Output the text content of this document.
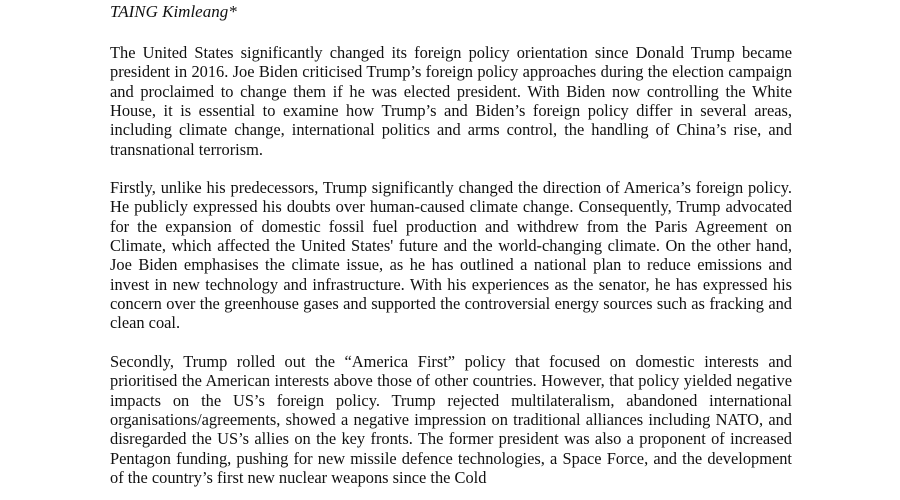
TAING Kimleang*

The United States significantly changed its foreign policy orientation since Donald Trump became president in 2016. Joe Biden criticised Trump’s foreign policy approaches during the election campaign and proclaimed to change them if he was elected president. With Biden now controlling the White House, it is essential to examine how Trump’s and Biden’s foreign policy differ in several areas, including climate change, international politics and arms control, the handling of China’s rise, and transnational terrorism.

Firstly, unlike his predecessors, Trump significantly changed the direction of America’s foreign policy. He publicly expressed his doubts over human-caused climate change. Consequently, Trump advocated for the expansion of domestic fossil fuel production and withdrew from the Paris Agreement on Climate, which affected the United States' future and the world-changing climate. On the other hand, Joe Biden emphasises the climate issue, as he has outlined a national plan to reduce emissions and invest in new technology and infrastructure. With his experiences as the senator, he has expressed his concern over the greenhouse gases and supported the controversial energy sources such as fracking and clean coal.

Secondly, Trump rolled out the “America First” policy that focused on domestic interests and prioritised the American interests above those of other countries. However, that policy yielded negative impacts on the US’s foreign policy. Trump rejected multilateralism, abandoned international organisations/agreements, showed a negative impression on traditional alliances including NATO, and disregarded the US’s allies on the key fronts. The former president was also a proponent of increased Pentagon funding, pushing for new missile defence technologies, a Space Force, and the development of the country’s first new nuclear weapons since the Cold
